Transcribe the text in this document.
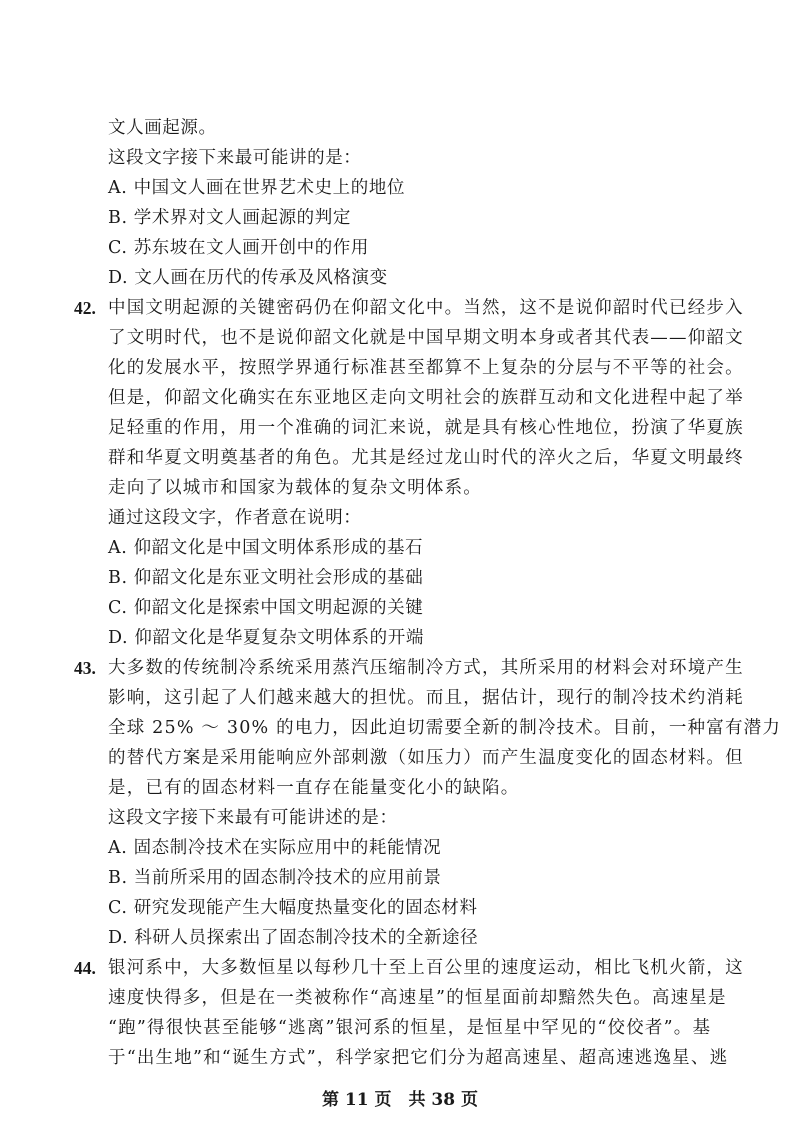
文人画起源。
这段文字接下来最可能讲的是：
A. 中国文人画在世界艺术史上的地位
B. 学术界对文人画起源的判定
C. 苏东坡在文人画开创中的作用
D. 文人画在历代的传承及风格演变
42. 中国文明起源的关键密码仍在仰韶文化中。当然，这不是说仰韶时代已经步入
了文明时代，也不是说仰韶文化就是中国早期文明本身或者其代表——仰韶文
化的发展水平，按照学界通行标准甚至都算不上复杂的分层与不平等的社会。
但是，仰韶文化确实在东亚地区走向文明社会的族群互动和文化进程中起了举
足轻重的作用，用一个准确的词汇来说，就是具有核心性地位，扮演了华夏族
群和华夏文明奠基者的角色。尤其是经过龙山时代的淬火之后，华夏文明最终
走向了以城市和国家为载体的复杂文明体系。
通过这段文字，作者意在说明：
A. 仰韶文化是中国文明体系形成的基石
B. 仰韶文化是东亚文明社会形成的基础
C. 仰韶文化是探索中国文明起源的关键
D. 仰韶文化是华夏复杂文明体系的开端
43. 大多数的传统制冷系统采用蒸汽压缩制冷方式，其所采用的材料会对环境产生
影响，这引起了人们越来越大的担忧。而且，据估计，现行的制冷技术约消耗
全球 25% ～ 30% 的电力，因此迫切需要全新的制冷技术。目前，一种富有潜力
的替代方案是采用能响应外部刺激（如压力）而产生温度变化的固态材料。但
是，已有的固态材料一直存在能量变化小的缺陷。
这段文字接下来最有可能讲述的是：
A. 固态制冷技术在实际应用中的耗能情况
B. 当前所采用的固态制冷技术的应用前景
C. 研究发现能产生大幅度热量变化的固态材料
D. 科研人员探索出了固态制冷技术的全新途径
44. 银河系中，大多数恒星以每秒几十至上百公里的速度运动，相比飞机火箭，这
速度快得多，但是在一类被称作“高速星”的恒星面前却黯然失色。高速星是
“跑”得很快甚至能够“逃离”银河系的恒星，是恒星中罕见的“佼佼者”。基
于“出生地”和“诞生方式”，科学家把它们分为超高速星、超高速逃逸星、逃
第 11 页　共 38 页
